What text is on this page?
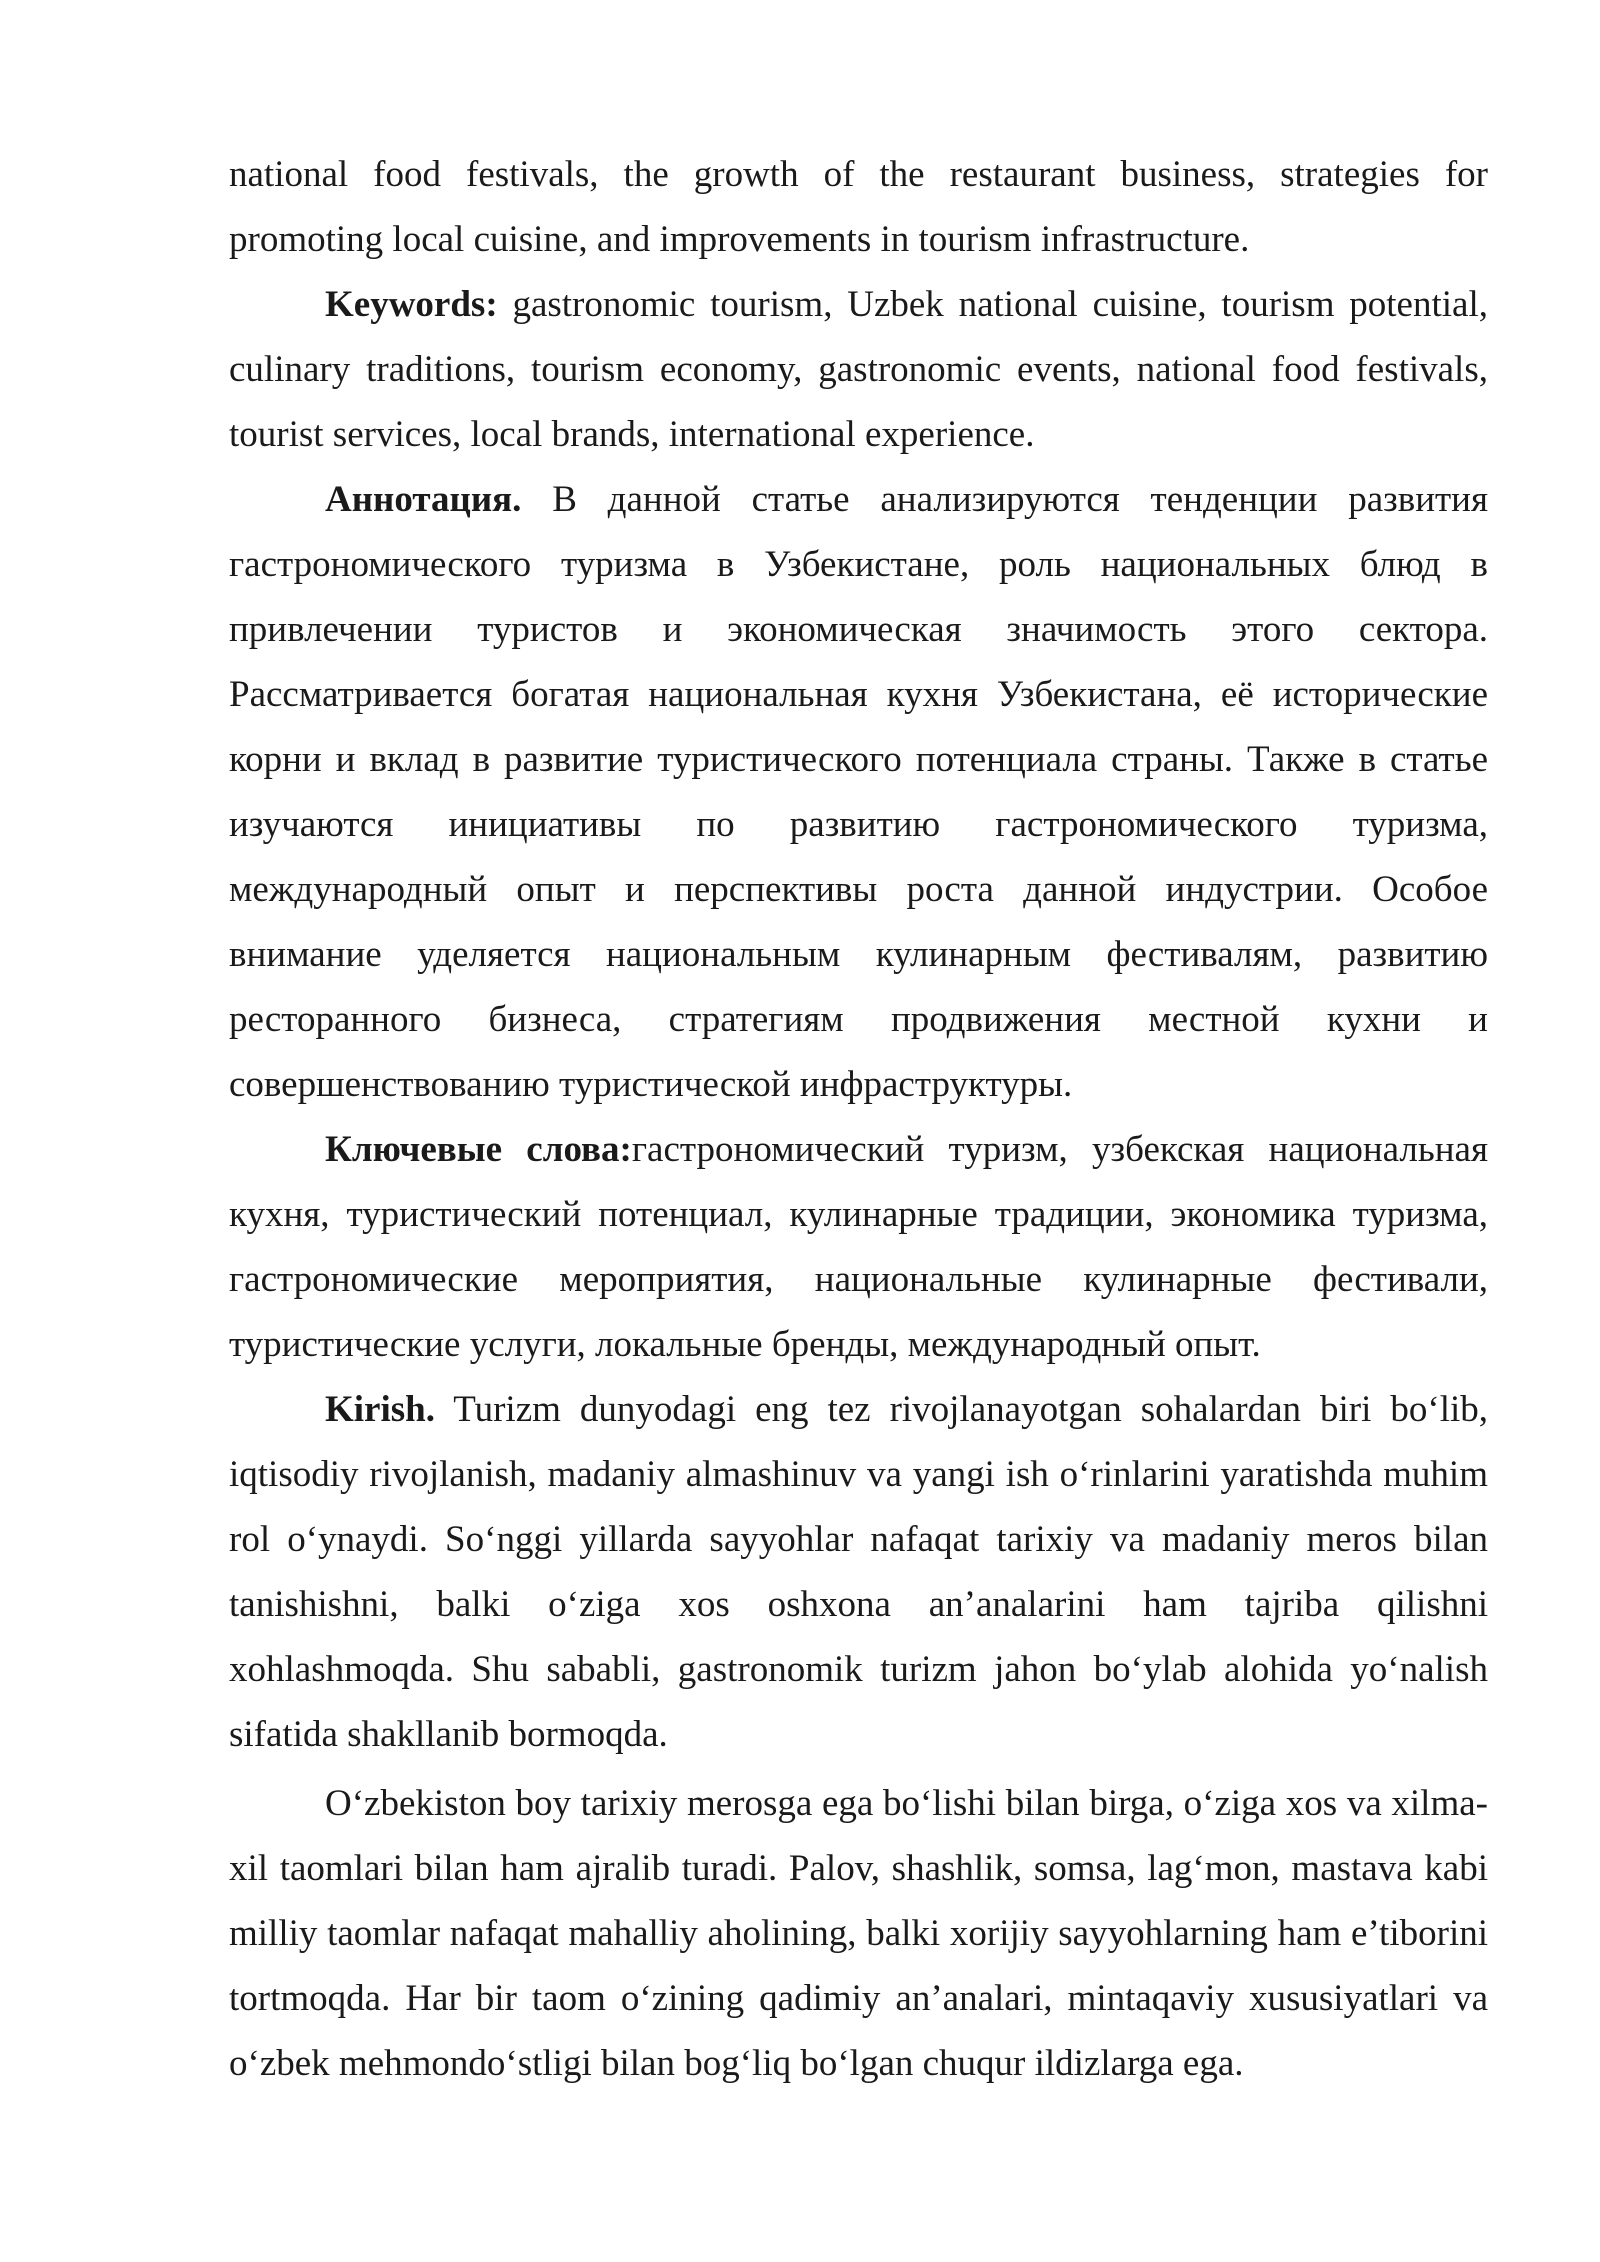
national food festivals, the growth of the restaurant business, strategies for promoting local cuisine, and improvements in tourism infrastructure.

Keywords: gastronomic tourism, Uzbek national cuisine, tourism potential, culinary traditions, tourism economy, gastronomic events, national food festivals, tourist services, local brands, international experience.

Аннотация. В данной статье анализируются тенденции развития гастрономического туризма в Узбекистане, роль национальных блюд в привлечении туристов и экономическая значимость этого сектора. Рассматривается богатая национальная кухня Узбекистана, её исторические корни и вклад в развитие туристического потенциала страны. Также в статье изучаются инициативы по развитию гастрономического туризма, международный опыт и перспективы роста данной индустрии. Особое внимание уделяется национальным кулинарным фестивалям, развитию ресторанного бизнеса, стратегиям продвижения местной кухни и совершенствованию туристической инфраструктуры.

Ключевые слова:гастрономический туризм, узбекская национальная кухня, туристический потенциал, кулинарные традиции, экономика туризма, гастрономические мероприятия, национальные кулинарные фестивали, туристические услуги, локальные бренды, международный опыт.

Kirish. Turizm dunyodagi eng tez rivojlanayotgan sohalardan biri bo‘lib, iqtisodiy rivojlanish, madaniy almashinuv va yangi ish o‘rinlarini yaratishda muhim rol o‘ynaydi. So‘nggi yillarda sayyohlar nafaqat tarixiy va madaniy meros bilan tanishishni, balki o‘ziga xos oshxona an’analarini ham tajriba qilishni xohlashmoqda. Shu sababli, gastronomik turizm jahon bo‘ylab alohida yo‘nalish sifatida shakllanib bormoqda.

O‘zbekiston boy tarixiy merosga ega bo‘lishi bilan birga, o‘ziga xos va xilma-xil taomlari bilan ham ajralib turadi. Palov, shashlik, somsa, lag‘mon, mastava kabi milliy taomlar nafaqat mahalliy aholining, balki xorijiy sayyohlarning ham e’tiborini tortmoqda. Har bir taom o‘zining qadimiy an’analari, mintaqaviy xususiyatlari va o‘zbek mehmondo‘stligi bilan bog‘liq bo‘lgan chuqur ildizlarga ega.
